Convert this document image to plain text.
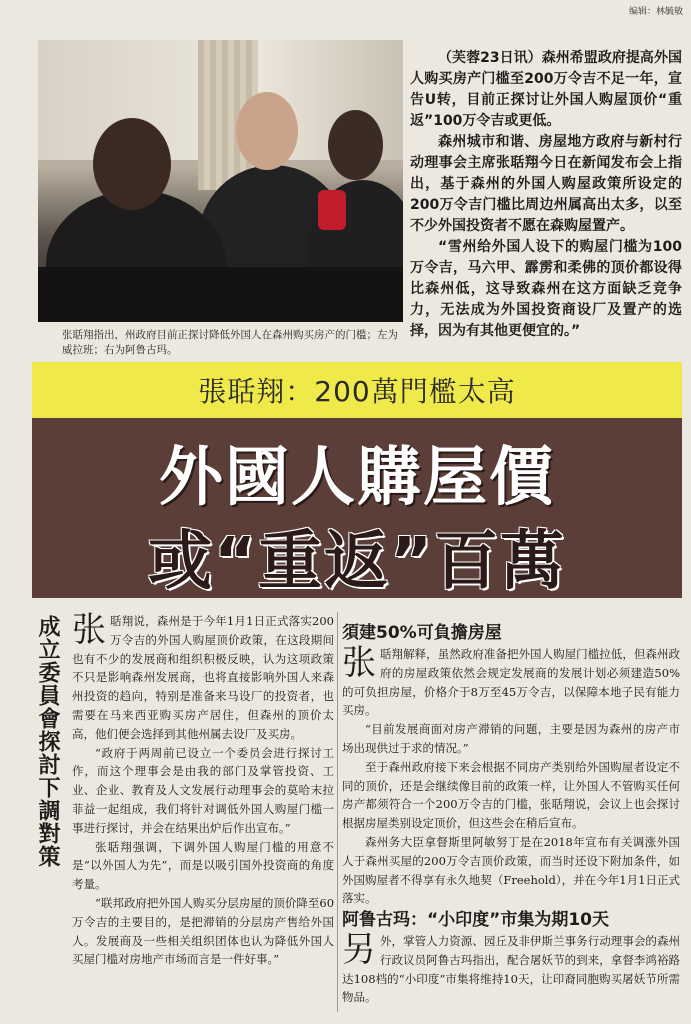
编辑：林毓敏
张聒翔指出，州政府目前正探讨降低外国人在森州购买房产的门槛；左为威拉班；右为阿鲁古玛。

（芙蓉23日讯）森州希盟政府提高外国人购买房产门槛至200万令吉不足一年，宣告U转，目前正探讨让外国人购屋顶价“重返”100万令吉或更低。

森州城市和谐、房屋地方政府与新村行动理事会主席张聒翔今日在新闻发布会上指出，基于森州的外国人购屋政策所设定的200万令吉门槛比周边州属高出太多，以至不少外国投资者不愿在森购屋置产。

“雪州给外国人设下的购屋门槛为100万令吉，马六甲、霹雳和柔佛的顶价都设得比森州低，这导致森州在这方面缺乏竞争力，无法成为外国投资商设厂及置产的选择，因为有其他更便宜的。”

張聒翔：200萬門檻太高
外國人購屋價
或“重返”百萬
成立委員會探討下調對策 张聒翔说，森州是于今年1月1日正式落实200万令吉的外国人购屋顶价政策，在这段期间也有不少的发展商和组织积极反映，认为这项政策不只是影响森州发展商，也将直接影响外国人来森州投资的趋向，特别是准备来马设厂的投资者，也需要在马来西亚购买房产居住，但森州的顶价太高，他们便会选择到其他州属去设厂及买房。

“政府于两周前已设立一个委员会进行探讨工作，而这个理事会是由我的部门及掌管投资、工业、企业、教育及人文发展行动理事会的莫哈末拉菲益一起组成，我们将针对调低外国人购屋门槛一事进行探讨，并会在结果出炉后作出宣布。”

张聒翔强调，下调外国人购屋门槛的用意不是“以外国人为先”，而是以吸引国外投资商的角度考量。

“联邦政府把外国人购买分层房屋的顶价降至60万令吉的主要目的，是把滞销的分层房产售给外国人。发展商及一些相关组织团体也认为降低外国人买屋门槛对房地产市场而言是一件好事。”

須建50%可負擔房屋

张聒翔解释，虽然政府准备把外国人购屋门槛拉低，但森州政府的房屋政策依然会规定发展商的发展计划必须建造50%的可负担房屋，价格介于8万至45万令吉，以保障本地子民有能力买房。

“目前发展商面对房产滞销的问题，主要是因为森州的房产市场出现供过于求的情况。”

至于森州政府接下来会根据不同房产类别给外国购屋者设定不同的顶价，还是会继续像目前的政策一样，让外国人不管购买任何房产都须符合一个200万令吉的门槛，张聒翔说，会议上也会探讨根据房屋类别设定顶价，但这些会在稍后宣布。

森州务大臣拿督斯里阿敏努丁是在2018年宣布有关调涨外国人于森州买屋的200万令吉顶价政策，而当时还设下附加条件，如外国购屋者不得享有永久地契（Freehold），并在今年1月1日正式落实。

阿鲁古玛：“小印度”市集为期10天

另外，掌管人力资源、园丘及非伊斯兰事务行动理事会的森州行政议员阿鲁古玛指出，配合屠妖节的到来，拿督李鸿裕路达108档的“小印度”市集将维持10天，让印裔同胞购买屠妖节所需物品。
